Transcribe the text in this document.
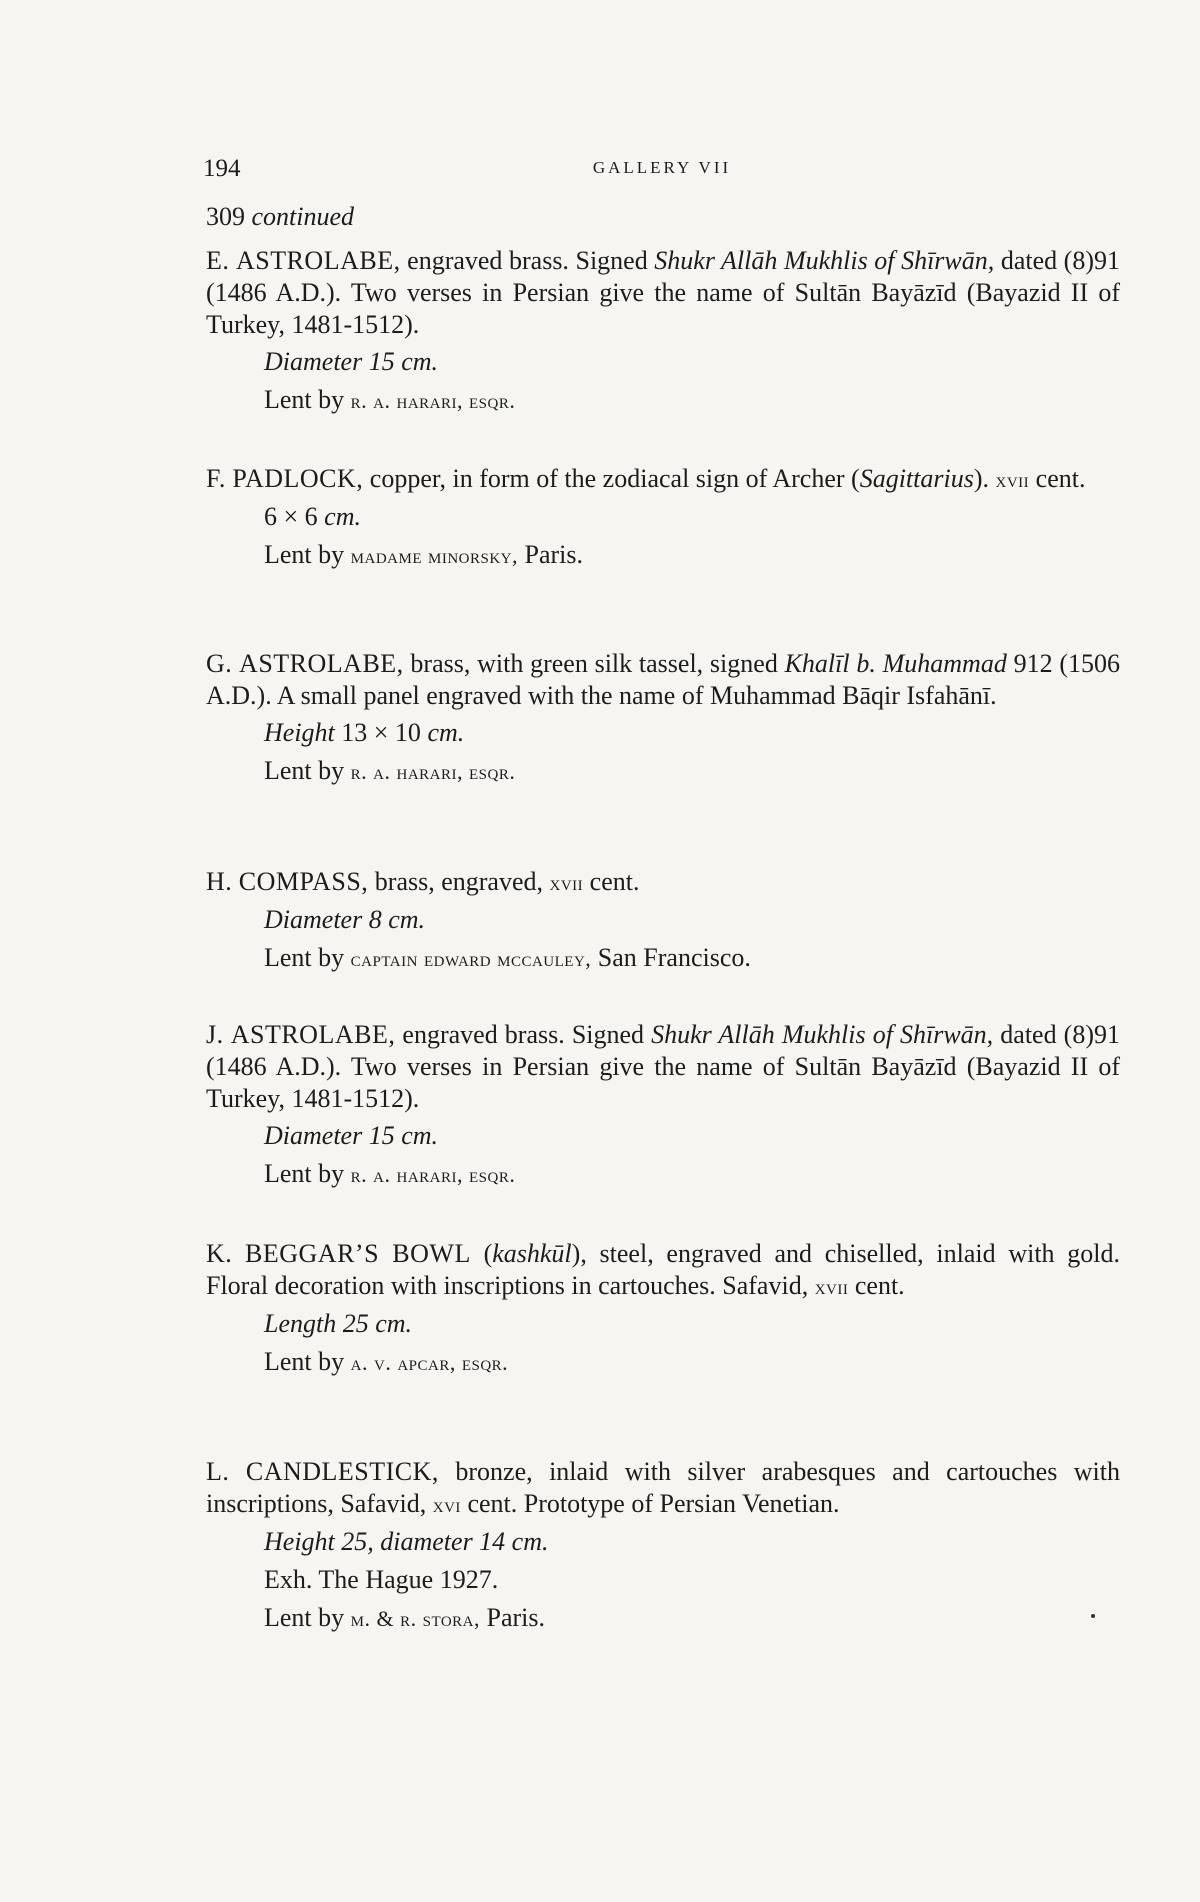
194	GALLERY VII
309 continued
E. ASTROLABE, engraved brass. Signed Shukr Allāh Mukhlis of Shīrwān, dated (8)91 (1486 A.D.). Two verses in Persian give the name of Sultān Bayāzīd (Bayazid II of Turkey, 1481-1512).
Diameter 15 cm.
Lent by r. a. harari, esqr.
F. PADLOCK, copper, in form of the zodiacal sign of Archer (Sagittarius). xvii cent.
6 × 6 cm.
Lent by madame minorsky, Paris.
G. ASTROLABE, brass, with green silk tassel, signed Khalīl b. Muhammad 912 (1506 A.D.). A small panel engraved with the name of Muhammad Bāqir Isfahānī.
Height 13 × 10 cm.
Lent by r. a. harari, esqr.
H. COMPASS, brass, engraved, xvii cent.
Diameter 8 cm.
Lent by captain edward mccauley, San Francisco.
J. ASTROLABE, engraved brass. Signed Shukr Allāh Mukhlis of Shīrwān, dated (8)91 (1486 A.D.). Two verses in Persian give the name of Sultān Bayāzīd (Bayazid II of Turkey, 1481-1512).
Diameter 15 cm.
Lent by r. a. harari, esqr.
K. BEGGAR’S BOWL (kashkūl), steel, engraved and chiselled, inlaid with gold. Floral decoration with inscriptions in cartouches. Safavid, xvii cent.
Length 25 cm.
Lent by a. v. apcar, esqr.
L. CANDLESTICK, bronze, inlaid with silver arabesques and cartouches with inscriptions, Safavid, xvi cent. Prototype of Persian Venetian.
Height 25, diameter 14 cm.
Exh. The Hague 1927.
Lent by m. & r. stora, Paris.
